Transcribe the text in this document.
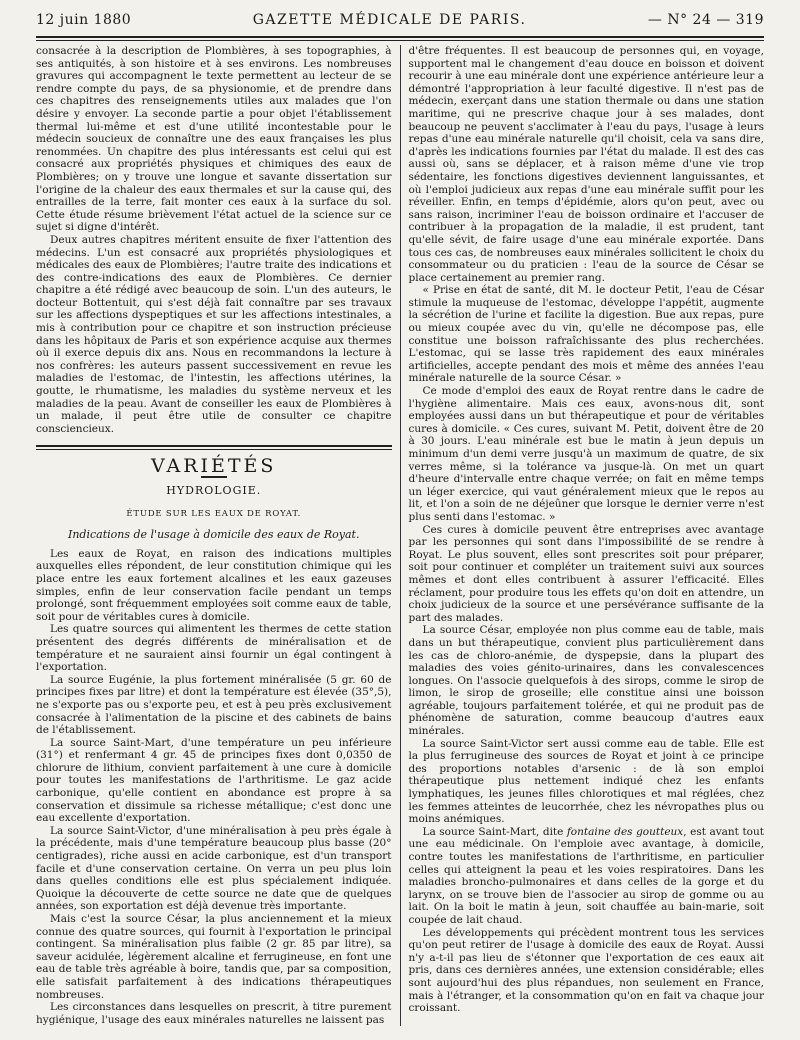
12 juin 1880	GAZETTE MÉDICALE DE PARIS.	— N° 24 — 319

consacrée à la description de Plombières, à ses topographies, à ses antiquités, à son histoire et à ses environs. Les nombreuses gravures qui accompagnent le texte permettent au lecteur de se rendre compte du pays, de sa physionomie, et de prendre dans ces chapitres des renseignements utiles aux malades que l'on désire y envoyer. La seconde partie a pour objet l'établissement thermal lui-même et est d'une utilité incontestable pour le médecin soucieux de connaître une des eaux françaises les plus renommées. Un chapitre des plus intéressants est celui qui est consacré aux propriétés physiques et chimiques des eaux de Plombières; on y trouve une longue et savante dissertation sur l'origine de la chaleur des eaux thermales et sur la cause qui, des entrailles de la terre, fait monter ces eaux à la surface du sol. Cette étude résume brièvement l'état actuel de la science sur ce sujet si digne d'intérêt.

Deux autres chapitres méritent ensuite de fixer l'attention des médecins. L'un est consacré aux propriétés physiologiques et médicales des eaux de Plombières; l'autre traite des indications et des contre-indications des eaux de Plombières. Ce dernier chapitre a été rédigé avec beaucoup de soin. L'un des auteurs, le docteur Bottentuit, qui s'est déjà fait connaître par ses travaux sur les affections dyspeptiques et sur les affections intestinales, a mis à contribution pour ce chapitre et son instruction précieuse dans les hôpitaux de Paris et son expérience acquise aux thermes où il exerce depuis dix ans. Nous en recommandons la lecture à nos confrères: les auteurs passent successivement en revue les maladies de l'estomac, de l'intestin, les affections utérines, la goutte, le rhumatisme, les maladies du système nerveux et les maladies de la peau. Avant de conseiller les eaux de Plombières à un malade, il peut être utile de consulter ce chapitre consciencieux.

VARIÉTÉS
HYDROLOGIE.
ÉTUDE SUR LES EAUX DE ROYAT.
Indications de l'usage à domicile des eaux de Royat.

Les eaux de Royat, en raison des indications multiples auxquelles elles répondent, de leur constitution chimique qui les place entre les eaux fortement alcalines et les eaux gazeuses simples, enfin de leur conservation facile pendant un temps prolongé, sont fréquemment employées soit comme eaux de table, soit pour de véritables cures à domicile.

Les quatre sources qui alimentent les thermes de cette station présentent des degrés différents de minéralisation et de température et ne sauraient ainsi fournir un égal contingent à l'exportation.

La source Eugénie, la plus fortement minéralisée (5 gr. 60 de principes fixes par litre) et dont la température est élevée (35°,5), ne s'exporte pas ou s'exporte peu, et est à peu près exclusivement consacrée à l'alimentation de la piscine et des cabinets de bains de l'établissement.

La source Saint-Mart, d'une température un peu inférieure (31°) et renfermant 4 gr. 45 de principes fixes dont 0,0350 de chlorure de lithium, convient parfaitement à une cure à domicile pour toutes les manifestations de l'arthritisme. Le gaz acide carbonique, qu'elle contient en abondance est propre à sa conservation et dissimule sa richesse métallique; c'est donc une eau excellente d'exportation.

La source Saint-Victor, d'une minéralisation à peu près égale à la précédente, mais d'une température beaucoup plus basse (20° centigrades), riche aussi en acide carbonique, est d'un transport facile et d'une conservation certaine. On verra un peu plus loin dans quelles conditions elle est plus spécialement indiquée. Quoique la découverte de cette source ne date que de quelques années, son exportation est déjà devenue très importante.

Mais c'est la source César, la plus anciennement et la mieux connue des quatre sources, qui fournit à l'exportation le principal contingent. Sa minéralisation plus faible (2 gr. 85 par litre), sa saveur acidulée, légèrement alcaline et ferrugineuse, en font une eau de table très agréable à boire, tandis que, par sa composition, elle satisfait parfaitement à des indications thérapeutiques nombreuses.

Les circonstances dans lesquelles on prescrit, à titre purement hygiénique, l'usage des eaux minérales naturelles ne laissent pas

d'être fréquentes. Il est beaucoup de personnes qui, en voyage, supportent mal le changement d'eau douce en boisson et doivent recourir à une eau minérale dont une expérience antérieure leur a démontré l'appropriation à leur faculté digestive. Il n'est pas de médecin, exerçant dans une station thermale ou dans une station maritime, qui ne prescrive chaque jour à ses malades, dont beaucoup ne peuvent s'acclimater à l'eau du pays, l'usage à leurs repas d'une eau minérale naturelle qu'il choisit, cela va sans dire, d'après les indications fournies par l'état du malade. Il est des cas aussi où, sans se déplacer, et à raison même d'une vie trop sédentaire, les fonctions digestives deviennent languissantes, et où l'emploi judicieux aux repas d'une eau minérale suffit pour les réveiller. Enfin, en temps d'épidémie, alors qu'on peut, avec ou sans raison, incriminer l'eau de boisson ordinaire et l'accuser de contribuer à la propagation de la maladie, il est prudent, tant qu'elle sévit, de faire usage d'une eau minérale exportée. Dans tous ces cas, de nombreuses eaux minérales sollicitent le choix du consommateur ou du praticien : l'eau de la source de César se place certainement au premier rang.

« Prise en état de santé, dit M. le docteur Petit, l'eau de César stimule la muqueuse de l'estomac, développe l'appétit, augmente la sécrétion de l'urine et facilite la digestion. Bue aux repas, pure ou mieux coupée avec du vin, qu'elle ne décompose pas, elle constitue une boisson rafraîchissante des plus recherchées. L'estomac, qui se lasse très rapidement des eaux minérales artificielles, accepte pendant des mois et même des années l'eau minérale naturelle de la source César. »

Ce mode d'emploi des eaux de Royat rentre dans le cadre de l'hygiène alimentaire. Mais ces eaux, avons-nous dit, sont employées aussi dans un but thérapeutique et pour de véritables cures à domicile. « Ces cures, suivant M. Petit, doivent être de 20 à 30 jours. L'eau minérale est bue le matin à jeun depuis un minimum d'un demi verre jusqu'à un maximum de quatre, de six verres même, si la tolérance va jusque-là. On met un quart d'heure d'intervalle entre chaque verrée; on fait en même temps un léger exercice, qui vaut généralement mieux que le repos au lit, et l'on a soin de ne déjeûner que lorsque le dernier verre n'est plus senti dans l'estomac. »

Ces cures à domicile peuvent être entreprises avec avantage par les personnes qui sont dans l'impossibilité de se rendre à Royat. Le plus souvent, elles sont prescrites soit pour préparer, soit pour continuer et compléter un traitement suivi aux sources mêmes et dont elles contribuent à assurer l'efficacité. Elles réclament, pour produire tous les effets qu'on doit en attendre, un choix judicieux de la source et une persévérance suffisante de la part des malades.

La source César, employée non plus comme eau de table, mais dans un but thérapeutique, convient plus particulièrement dans les cas de chloro-anémie, de dyspepsie, dans la plupart des maladies des voies génito-urinaires, dans les convalescences longues. On l'associe quelquefois à des sirops, comme le sirop de limon, le sirop de groseille; elle constitue ainsi une boisson agréable, toujours parfaitement tolérée, et qui ne produit pas de phénomène de saturation, comme beaucoup d'autres eaux minérales.

La source Saint-Victor sert aussi comme eau de table. Elle est la plus ferrugineuse des sources de Royat et joint à ce principe des proportions notables d'arsenic : de là son emploi thérapeutique plus nettement indiqué chez les enfants lymphatiques, les jeunes filles chlorotiques et mal réglées, chez les femmes atteintes de leucorrhée, chez les névropathes plus ou moins anémiques.

La source Saint-Mart, dite fontaine des goutteux, est avant tout une eau médicinale. On l'emploie avec avantage, à domicile, contre toutes les manifestations de l'arthritisme, en particulier celles qui atteignent la peau et les voies respiratoires. Dans les maladies broncho-pulmonaires et dans celles de la gorge et du larynx, on se trouve bien de l'associer au sirop de gomme ou au lait. On la boit le matin à jeun, soit chauffée au bain-marie, soit coupée de lait chaud.

Les développements qui précèdent montrent tous les services qu'on peut retirer de l'usage à domicile des eaux de Royat. Aussi n'y a-t-il pas lieu de s'étonner que l'exportation de ces eaux ait pris, dans ces dernières années, une extension considérable; elles sont aujourd'hui des plus répandues, non seulement en France, mais à l'étranger, et la consommation qu'on en fait va chaque jour croissant.
